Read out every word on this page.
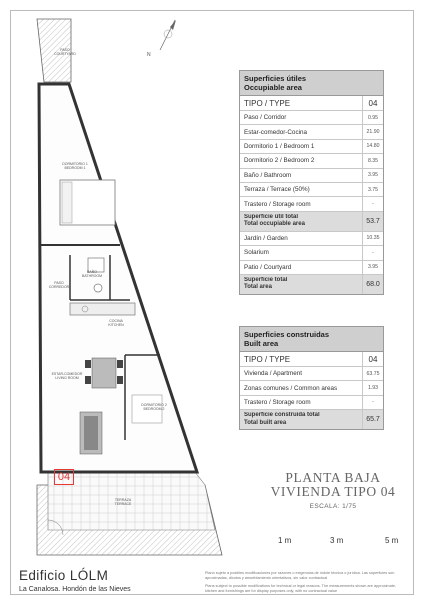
N
PASO
COURTYARD
DORMITORIO 1
BEDROOM 1
BAÑO
BATHROOM
PASO
CORREDOR
COCINA
KITCHEN
ESTAR-COMEDOR
LIVING ROOM
DORMITORIO 2
BEDROOM 2
TERRAZA
TERRACE
04
Superficies útiles
Occupiable area
TIPO / TYPE	04
Paso / Corridor	0.95
Estar-comedor-Cocina	21.90
Dormitorio 1 / Bedroom 1	14.80
Dormitorio 2 / Bedroom 2	8.35
Baño / Bathroom	3.95
Terraza / Terrace (50%)	3.75
Trastero / Storage room	-
Superficie útil total
Total occupiable area	53.7
Jardín / Garden	10.35
Solarium	-
Patio / Courtyard	3.95
Superficie total
Total area	68.0
Superficies construidas
Built area
TIPO / TYPE	04
Vivienda / Apartment	63.75
Zonas comunes / Common areas	1.93
Trastero / Storage room	-
Superficie construida total
Total built area	65.7
PLANTA BAJA
VIVIENDA TIPO 04
ESCALA: 1/75
1 m	3 m	5 m
Edificio LÓLM
La Canalosa. Hondón de las Nieves
Plano sujeto a posibles modificaciones por razones o exigencias de índole técnica o jurídica. Las superficies son aproximadas, dicotos y amueblamiento orientativos, sin valor contractual
Plans subject to possible modifications for technical or legal reasons. The measurements shown are approximate, kitchen and furnishings are for display purposes only, with no contractual value
